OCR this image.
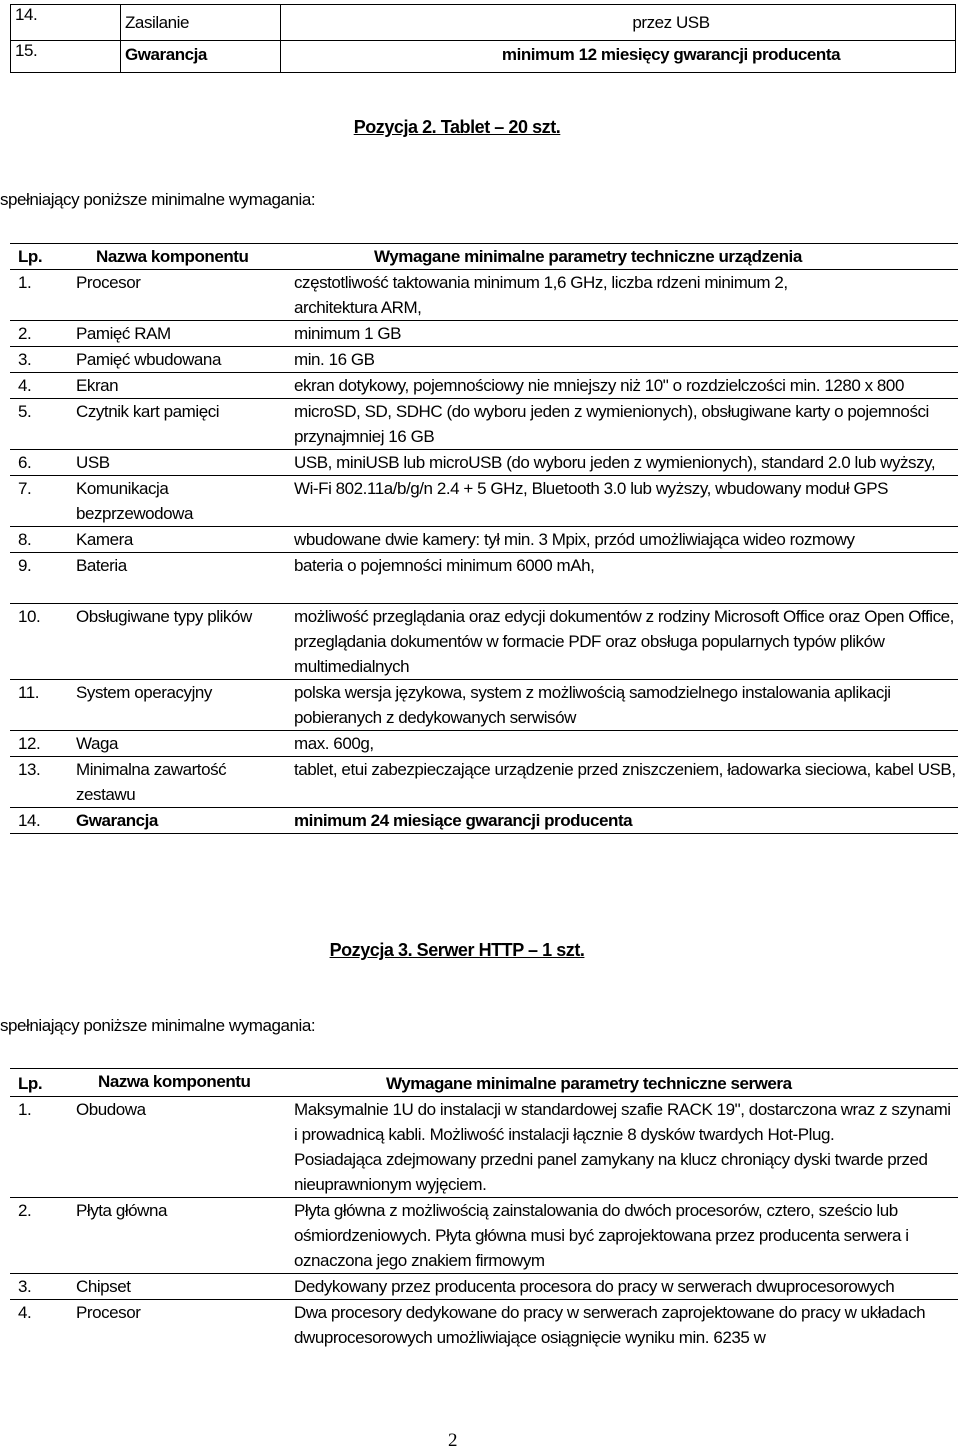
14.	Zasilanie	przez USB
15.	Gwarancja	minimum 12 miesięcy gwarancji producenta
Pozycja 2. Tablet – 20 szt.
spełniający poniższe minimalne wymagania:
Lp.	Nazwa komponentu	Wymagane minimalne parametry techniczne urządzenia
1.	Procesor	częstotliwość taktowania minimum 1,6 GHz, liczba rdzeni minimum 2, architektura ARM,
2.	Pamięć RAM	minimum 1 GB
3.	Pamięć wbudowana	min. 16 GB
4.	Ekran	ekran dotykowy, pojemnościowy nie mniejszy niż 10" o rozdzielczości min. 1280 x 800
5.	Czytnik kart pamięci	microSD, SD, SDHC (do wyboru jeden z wymienionych), obsługiwane karty o pojemności przynajmniej 16 GB
6.	USB	USB, miniUSB lub microUSB (do wyboru jeden z wymienionych), standard 2.0 lub wyższy,
7.	Komunikacja bezprzewodowa	Wi-Fi 802.11a/b/g/n 2.4 + 5 GHz, Bluetooth 3.0 lub wyższy, wbudowany moduł GPS
8.	Kamera	wbudowane dwie kamery: tył min. 3 Mpix, przód umożliwiająca wideo rozmowy
9.	Bateria	bateria o pojemności minimum 6000 mAh,
10.	Obsługiwane typy plików	możliwość przeglądania oraz edycji dokumentów z rodziny Microsoft Office oraz Open Office, przeglądania dokumentów w formacie PDF oraz obsługa popularnych typów plików multimedialnych
11.	System operacyjny	polska wersja językowa, system z możliwością samodzielnego instalowania aplikacji pobieranych z dedykowanych serwisów
12.	Waga	max. 600g,
13.	Minimalna zawartość zestawu	tablet, etui zabezpieczające urządzenie przed zniszczeniem, ładowarka sieciowa, kabel USB,
14.	Gwarancja	minimum 24 miesiące gwarancji producenta
Pozycja 3. Serwer HTTP – 1 szt.
spełniający poniższe minimalne wymagania:
Lp.	Nazwa komponentu	Wymagane minimalne parametry techniczne serwera
1.	Obudowa	Maksymalnie 1U do instalacji w standardowej szafie RACK 19", dostarczona wraz z szynami i prowadnicą kabli. Możliwość instalacji łącznie 8 dysków twardych Hot-Plug.
Posiadająca zdejmowany przedni panel zamykany na klucz chroniący dyski twarde przed nieuprawnionym wyjęciem.

2.	Płyta główna	Płyta główna z możliwością zainstalowania do dwóch procesorów, cztero, sześcio lub ośmiordzeniowych. Płyta główna musi być zaprojektowana przez producenta serwera i oznaczona jego znakiem firmowym
3.	Chipset	Dedykowany przez producenta procesora do pracy w serwerach dwuprocesorowych
4.	Procesor	Dwa procesory dedykowane do pracy w serwerach zaprojektowane do pracy w układach dwuprocesorowych umożliwiające osiągnięcie wyniku min. 6235 w
2
